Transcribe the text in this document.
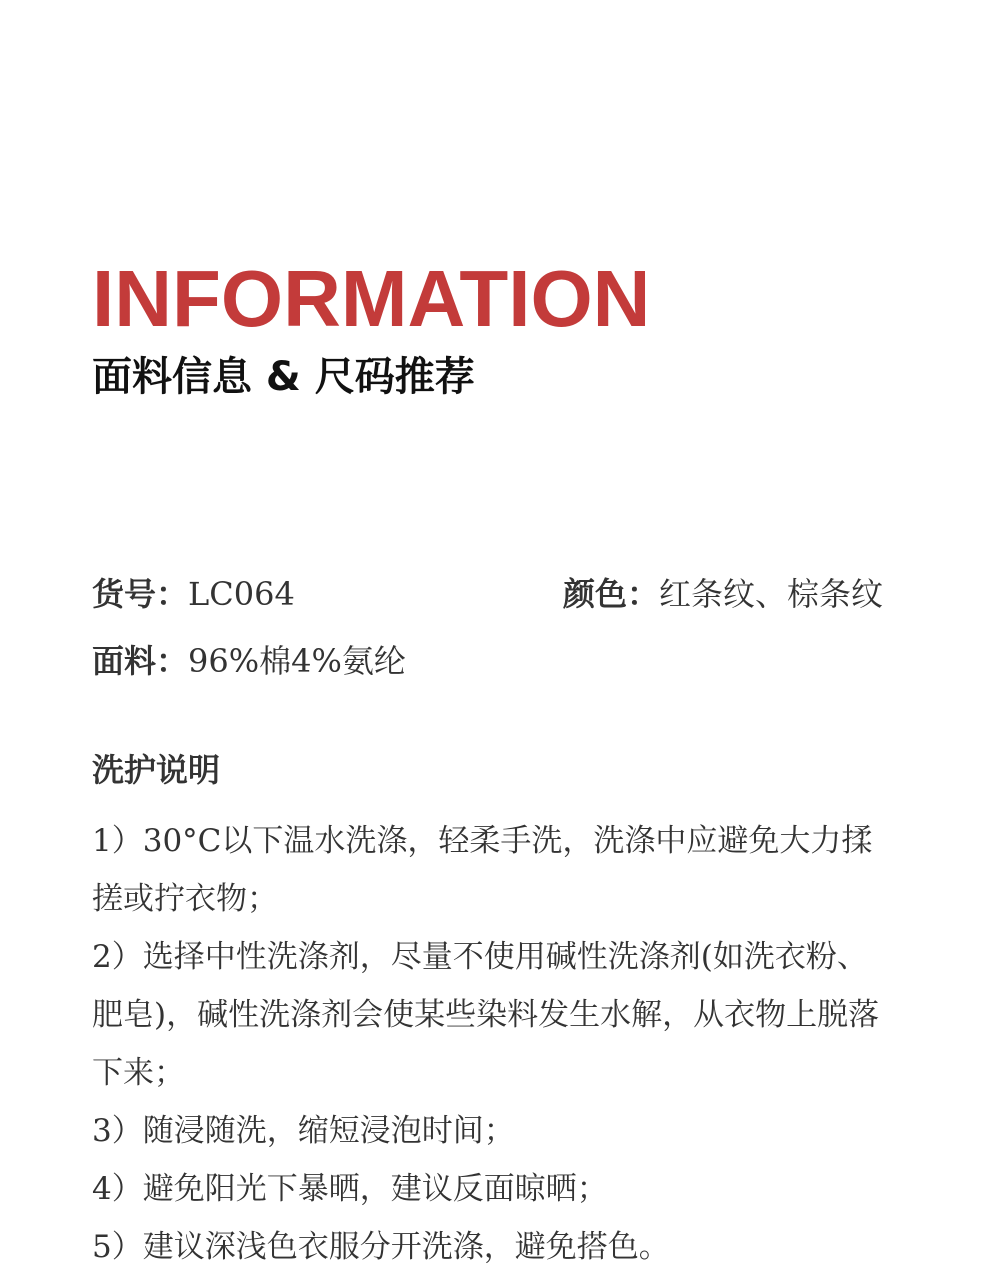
INFORMATION
面料信息 & 尺码推荐
货号：LC064	颜色：红条纹、棕条纹
面料：96%棉4%氨纶
洗护说明
1）30°C以下温水洗涤，轻柔手洗，洗涤中应避免大力揉搓或拧衣物；
2）选择中性洗涤剂，尽量不使用碱性洗涤剂(如洗衣粉、 肥皂)，碱性洗涤剂会使某些染料发生水解，从衣物上脱落下来；
3）随浸随洗，缩短浸泡时间；
4）避免阳光下暴晒，建议反面晾晒；
5）建议深浅色衣服分开洗涤，避免搭色。
